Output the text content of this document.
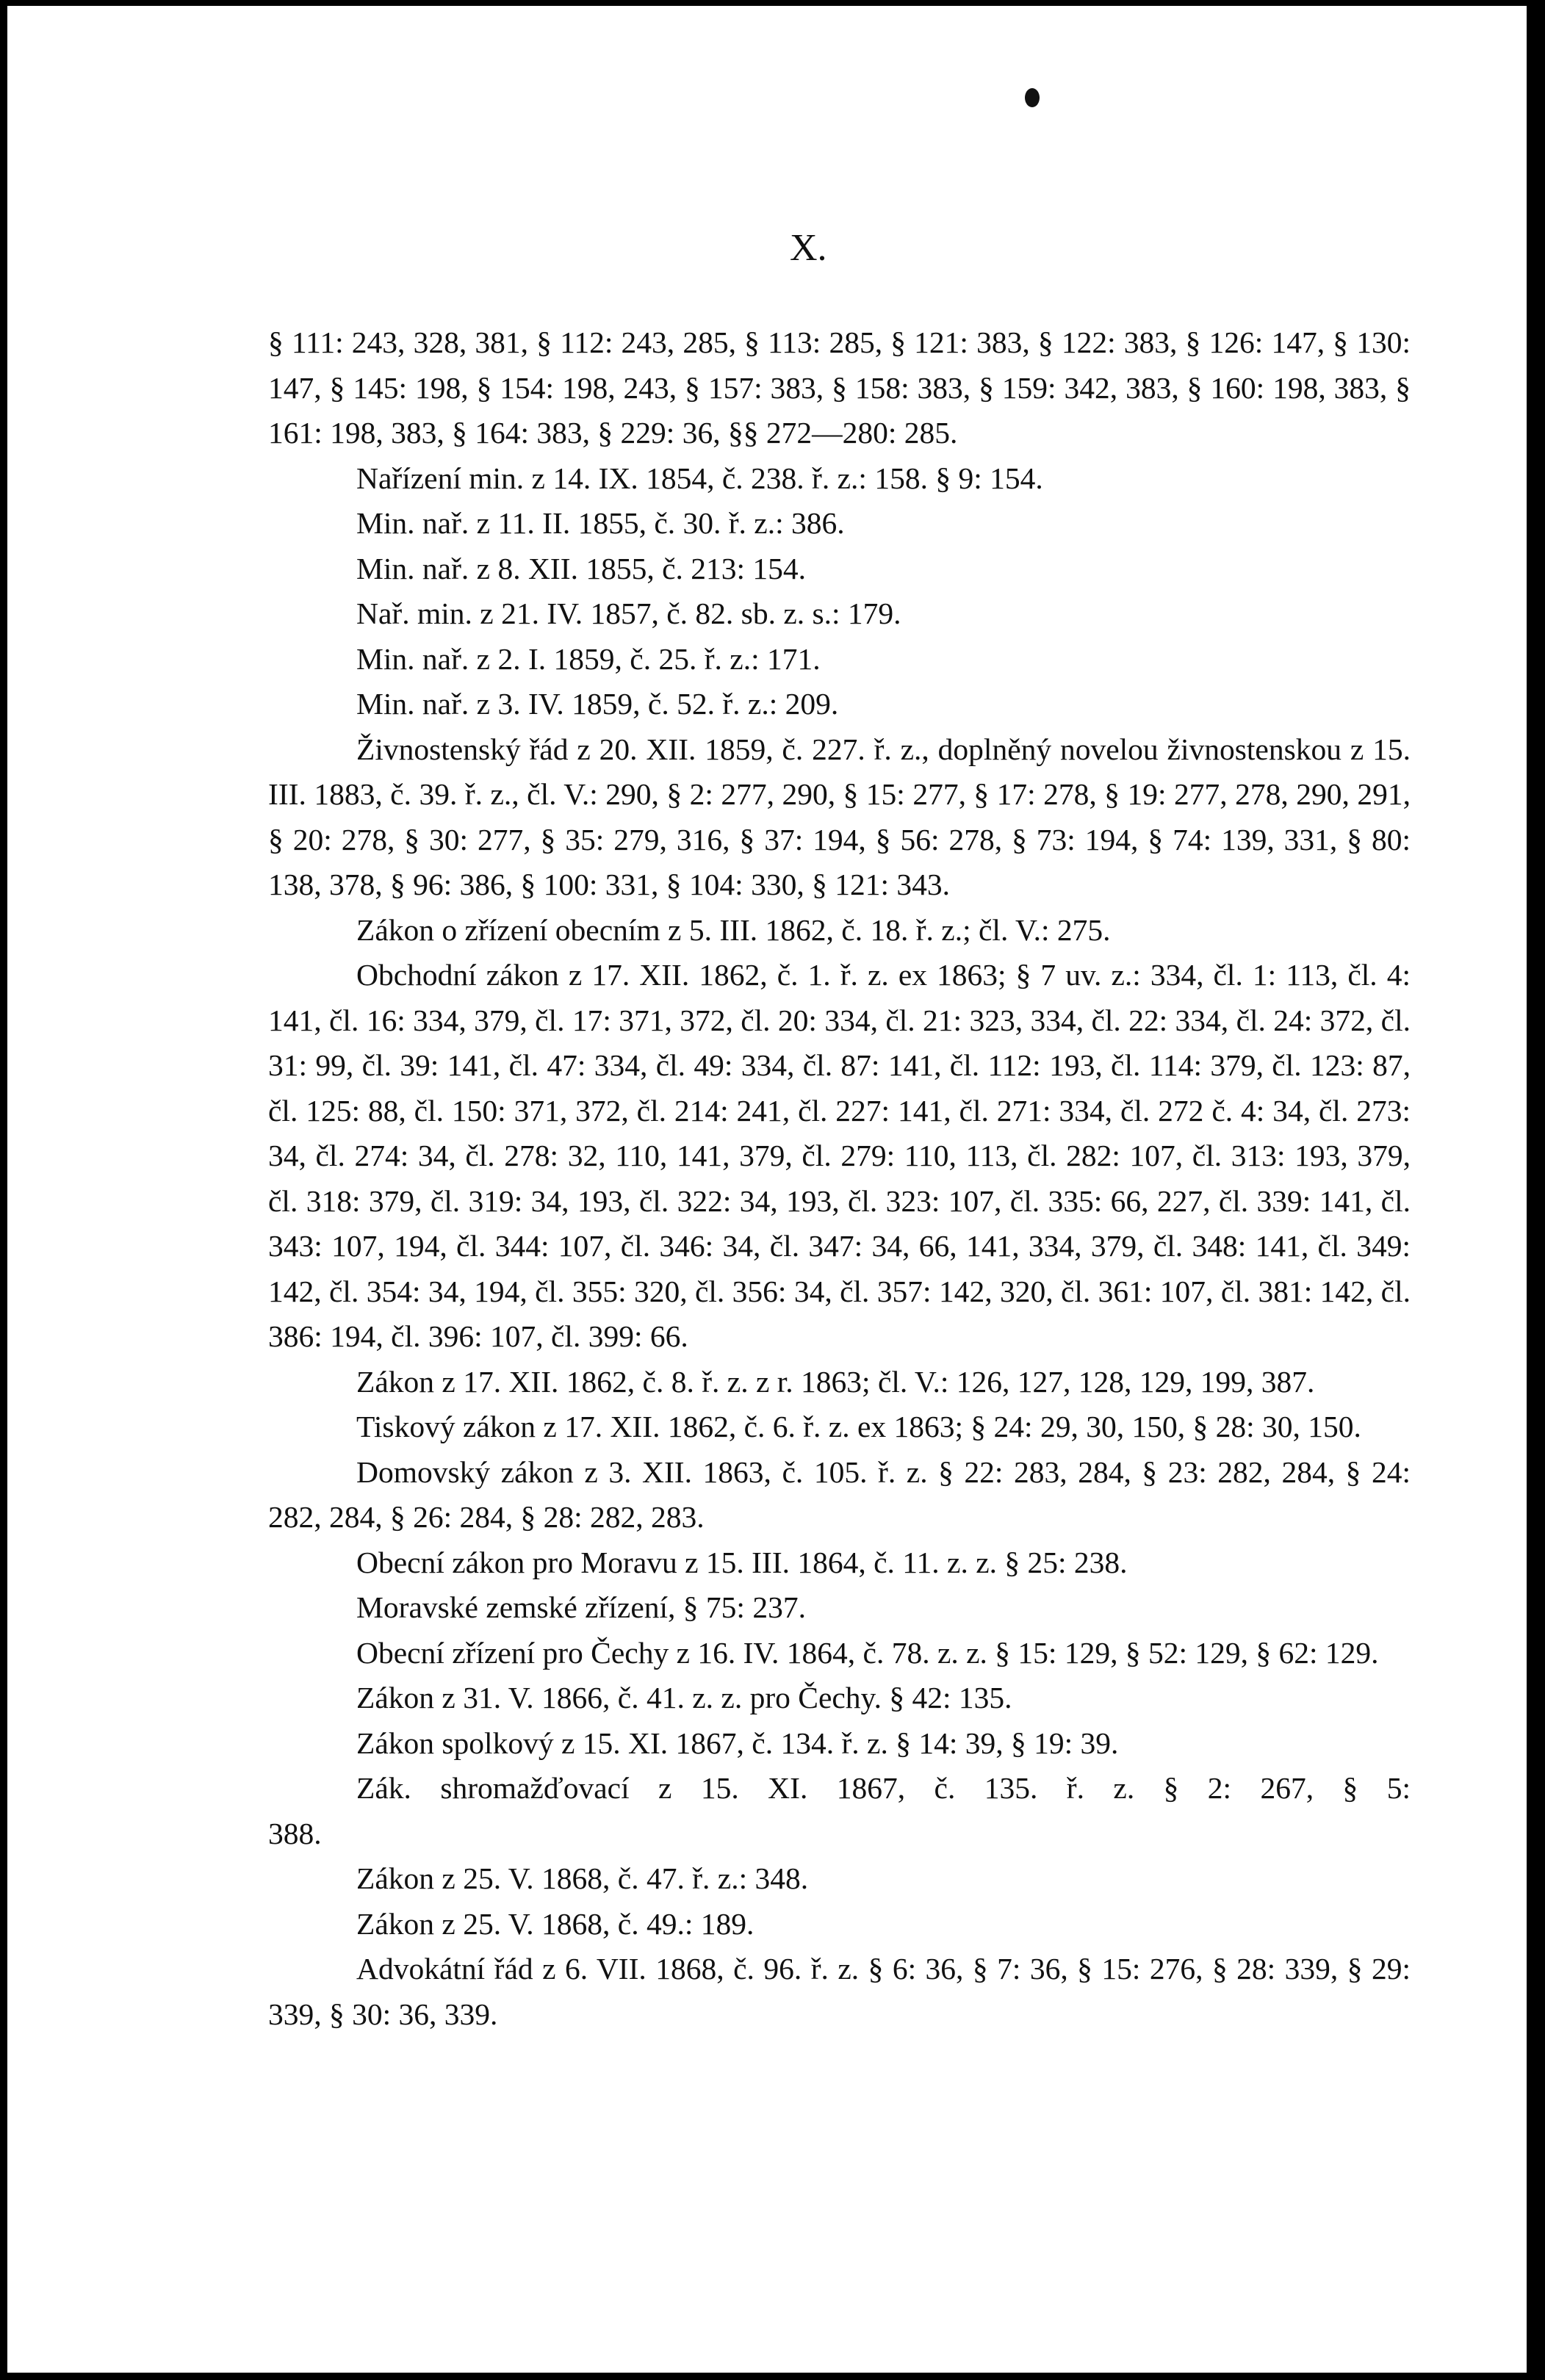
X.

§ 111: 243, 328, 381, § 112: 243, 285, § 113: 285, § 121: 383, § 122: 383, § 126: 147, § 130: 147, § 145: 198, § 154: 198, 243, § 157: 383, § 158: 383, § 159: 342, 383, § 160: 198, 383, § 161: 198, 383, § 164: 383, § 229: 36, §§ 272—280: 285.

Nařízení min. z 14. IX. 1854, č. 238. ř. z.: 158. § 9: 154.

Min. nař. z 11. II. 1855, č. 30. ř. z.: 386.

Min. nař. z 8. XII. 1855, č. 213: 154.

Nař. min. z 21. IV. 1857, č. 82. sb. z. s.: 179.

Min. nař. z 2. I. 1859, č. 25. ř. z.: 171.

Min. nař. z 3. IV. 1859, č. 52. ř. z.: 209.

Živnostenský řád z 20. XII. 1859, č. 227. ř. z., doplněný novelou živnostenskou z 15. III. 1883, č. 39. ř. z., čl. V.: 290, § 2: 277, 290, § 15: 277, § 17: 278, § 19: 277, 278, 290, 291, § 20: 278, § 30: 277, § 35: 279, 316, § 37: 194, § 56: 278, § 73: 194, § 74: 139, 331, § 80: 138, 378, § 96: 386, § 100: 331, § 104: 330, § 121: 343.

Zákon o zřízení obecním z 5. III. 1862, č. 18. ř. z.; čl. V.: 275.

Obchodní zákon z 17. XII. 1862, č. 1. ř. z. ex 1863; § 7 uv. z.: 334, čl. 1: 113, čl. 4: 141, čl. 16: 334, 379, čl. 17: 371, 372, čl. 20: 334, čl. 21: 323, 334, čl. 22: 334, čl. 24: 372, čl. 31: 99, čl. 39: 141, čl. 47: 334, čl. 49: 334, čl. 87: 141, čl. 112: 193, čl. 114: 379, čl. 123: 87, čl. 125: 88, čl. 150: 371, 372, čl. 214: 241, čl. 227: 141, čl. 271: 334, čl. 272 č. 4: 34, čl. 273: 34, čl. 274: 34, čl. 278: 32, 110, 141, 379, čl. 279: 110, 113, čl. 282: 107, čl. 313: 193, 379, čl. 318: 379, čl. 319: 34, 193, čl. 322: 34, 193, čl. 323: 107, čl. 335: 66, 227, čl. 339: 141, čl. 343: 107, 194, čl. 344: 107, čl. 346: 34, čl. 347: 34, 66, 141, 334, 379, čl. 348: 141, čl. 349: 142, čl. 354: 34, 194, čl. 355: 320, čl. 356: 34, čl. 357: 142, 320, čl. 361: 107, čl. 381: 142, čl. 386: 194, čl. 396: 107, čl. 399: 66.

Zákon z 17. XII. 1862, č. 8. ř. z. z r. 1863; čl. V.: 126, 127, 128, 129, 199, 387.

Tiskový zákon z 17. XII. 1862, č. 6. ř. z. ex 1863; § 24: 29, 30, 150, § 28: 30, 150.

Domovský zákon z 3. XII. 1863, č. 105. ř. z. § 22: 283, 284, § 23: 282, 284, § 24: 282, 284, § 26: 284, § 28: 282, 283.

Obecní zákon pro Moravu z 15. III. 1864, č. 11. z. z. § 25: 238.

Moravské zemské zřízení, § 75: 237.

Obecní zřízení pro Čechy z 16. IV. 1864, č. 78. z. z. § 15: 129, § 52: 129, § 62: 129.

Zákon z 31. V. 1866, č. 41. z. z. pro Čechy. § 42: 135.

Zákon spolkový z 15. XI. 1867, č. 134. ř. z. § 14: 39, § 19: 39.

Zák. shromažďovací z 15. XI. 1867, č. 135. ř. z. § 2: 267, § 5:

388.

Zákon z 25. V. 1868, č. 47. ř. z.: 348.

Zákon z 25. V. 1868, č. 49.: 189.

Advokátní řád z 6. VII. 1868, č. 96. ř. z. § 6: 36, § 7: 36, § 15: 276, § 28: 339, § 29: 339, § 30: 36, 339.
